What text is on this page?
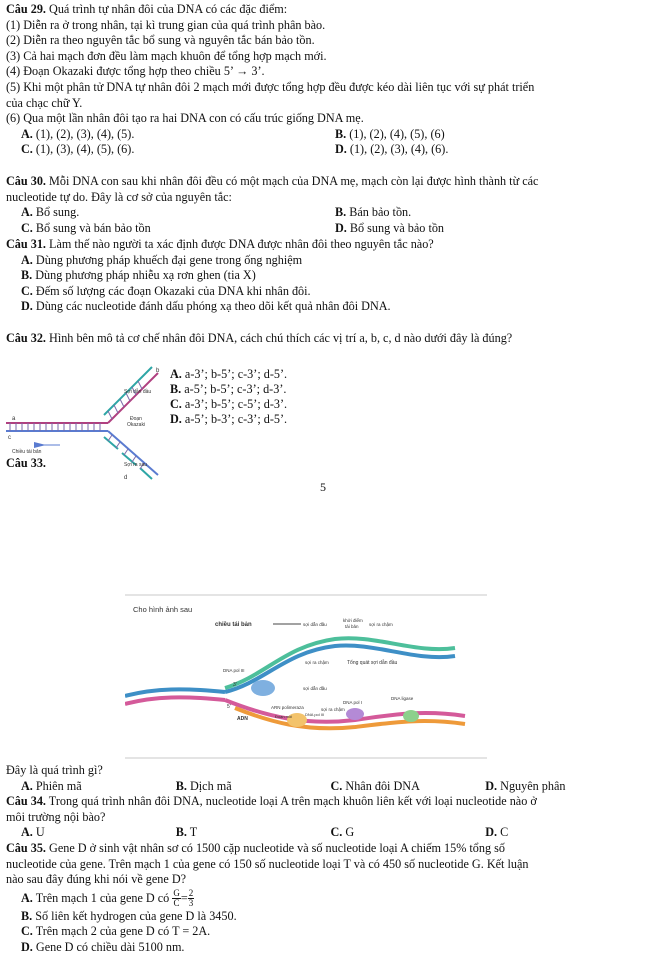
Câu 29. Quá trình tự nhân đôi của DNA có các đặc điểm:

(1) Diễn ra ở trong nhân, tại kì trung gian của quá trình phân bào.

(2) Diễn ra theo nguyên tắc bổ sung và nguyên tắc bán bảo tồn.

(3) Cả hai mạch đơn đều làm mạch khuôn để tổng hợp mạch mới.

(4) Đoạn Okazaki được tổng hợp theo chiều 5’ → 3’.

(5) Khi một phân tử DNA tự nhân đôi 2 mạch mới được tổng hợp đều được kéo dài liên tục với sự phát triển

của chạc chữ Y.

(6) Qua một lần nhân đôi tạo ra hai DNA con có cấu trúc giống DNA mẹ.

A. (1), (2), (3), (4), (5).	B. (1), (2), (4), (5), (6)
C. (1), (3), (4), (5), (6).	D. (1), (2), (3), (4), (6).

Câu 30. Mỗi DNA con sau khi nhân đôi đều có một mạch của DNA mẹ, mạch còn lại được hình thành từ các

nucleotide tự do. Đây là cơ sở của nguyên tắc:

A. Bổ sung.	B. Bán bảo tồn.
C. Bổ sung và bán bảo tồn	D. Bổ sung và bảo tồn

Câu 31. Làm thế nào người ta xác định được DNA được nhân đôi theo nguyên tắc nào?

A. Dùng phương pháp khuếch đại gene trong ống nghiệm

B. Dùng phương pháp nhiễu xạ rơn ghen (tia X)

C. Đếm số lượng các đoạn Okazaki của DNA khi nhân đôi.

D. Dùng các nucleotide đánh dấu phóng xạ theo dõi kết quả nhân đôi DNA.

Câu 32. Hình bên mô tả cơ chế nhân đôi DNA, cách chú thích các vị trí a, b, c, d nào dưới đây là đúng?

b
a
c
d
Sợi dẫn đầu
Đoạn
Okazaki
Chiều tái bản
Sợi ra sau

A. a-3’; b-5’; c-3’; d-5’.

B. a-5’; b-5’; c-3’; d-3’.

C. a-3’; b-5’; c-5’; d-3’.

D. a-5’; b-3’; c-3’; d-5’.

Câu 33.

5
Cho hình ảnh sau
chiều tái bản	sợi dẫn đầu
khởi điểm
tái bản sợi ra chậm
DNA pol III
sợi ra chậm	Tổng quát sợi dẫn đầu
sợi dẫn đầu
ARN polimeraza	sợi ra chậm
DNA pol I
DNA ligase
ADN	Đoạn mồi	DNA pol III
5'
3'

Đây là quá trình gì?

A. Phiên mã	B. Dịch mã	C. Nhân đôi DNA	D. Nguyên phân

Câu 34. Trong quá trình nhân đôi DNA, nucleotide loại A trên mạch khuôn liên kết với loại nucleotide nào ở

môi trường nội bào?

A. U	B. T	C. G	D. C

Câu 35. Gene D ở sinh vật nhân sơ có 1500 cặp nucleotide và số nucleotide loại A chiếm 15% tổng số

nucleotide của gene. Trên mạch 1 của gene có 150 số nucleotide loại T và có 450 số nucleotide G. Kết luận

nào sau đây đúng khi nói về gene D?

A. Trên mạch 1 của gene D có $\frac{G}{C} = \frac{2}{3}$

B. Số liên kết hydrogen của gene D là 3450.

C. Trên mạch 2 của gene D có T = 2A.

D. Gene D có chiều dài 5100 nm.
